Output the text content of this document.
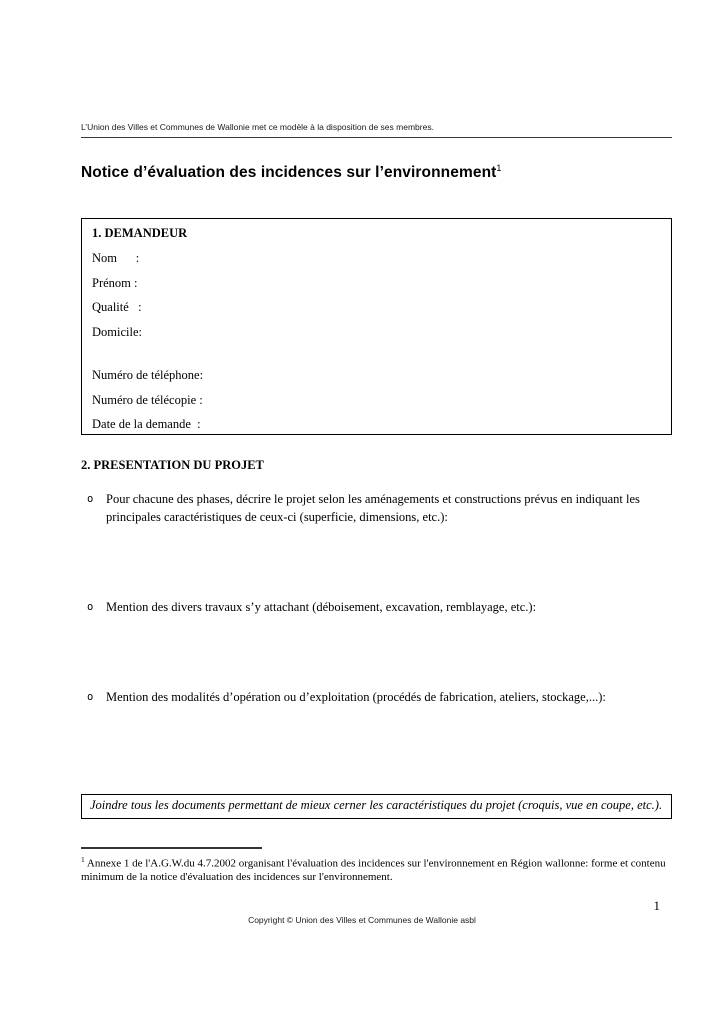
L’Union des Villes et Communes de Wallonie met ce modèle à la disposition de ses membres.
Notice d’évaluation des incidences sur l’environnement$^1$
1. DEMANDEUR
Nom      :
Prénom :
Qualité   :
Domicile:
Numéro de téléphone:
Numéro de télécopie :
Date de la demande  :
2. PRESENTATION DU PROJET
o	Pour chacune des phases, décrire le projet selon les aménagements et constructions prévus en indiquant les principales caractéristiques de ceux-ci (superficie, dimensions, etc.):
o	Mention des divers travaux s’y attachant (déboisement, excavation, remblayage, etc.):
o	Mention des modalités d’opération ou d’exploitation (procédés de fabrication, ateliers, stockage,...):
Joindre tous les documents permettant de mieux cerner les caractéristiques du projet (croquis, vue en coupe, etc.).
$^1$ Annexe 1 de l'A.G.W.du 4.7.2002 organisant l'évaluation des incidences sur l'environnement en Région wallonne: forme et contenu minimum de la notice d'évaluation des incidences sur l'environnement.
1
Copyright © Union des Villes et Communes de Wallonie asbl
